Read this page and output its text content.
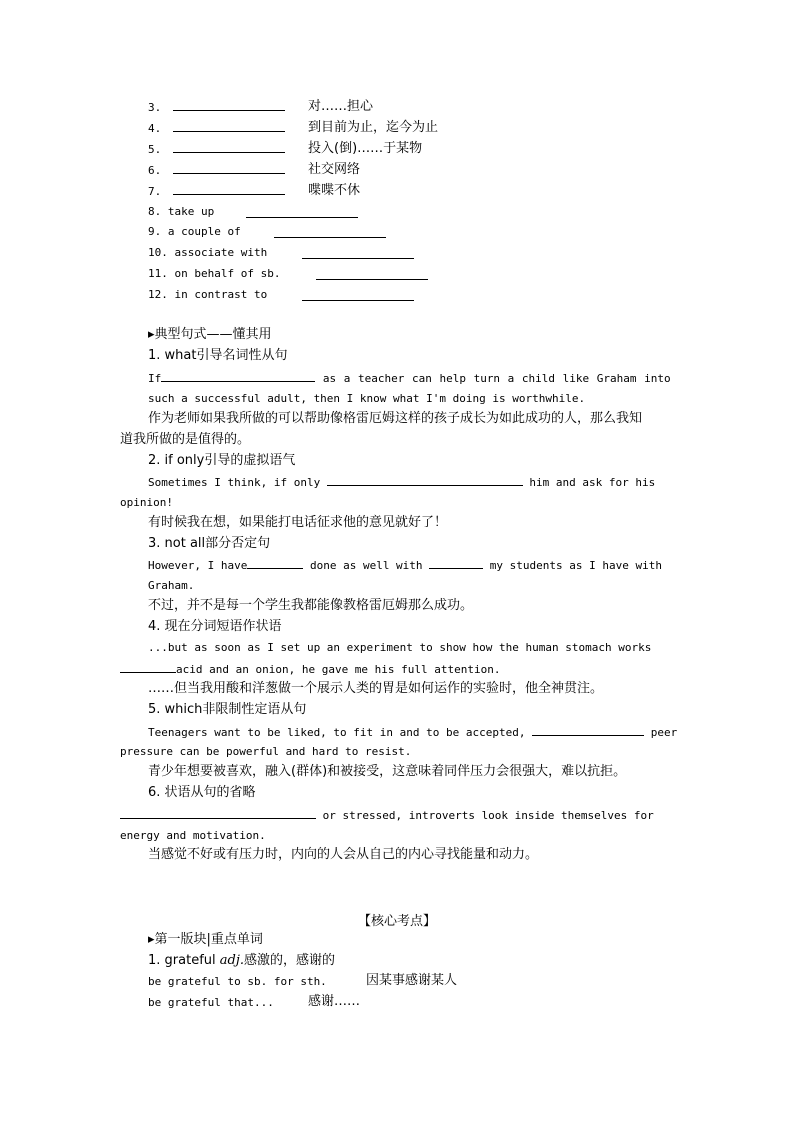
3.	对……担心
4.	到目前为止，迄今为止
5.	投入(倒)……于某物
6.	社交网络
7.	喋喋不休
8. take up
9. a couple of
10. associate with
11. on behalf of sb.
12. in contrast to
▸典型句式——懂其用
1. what引导名词性从句
If	as a teacher can help turn a child like Graham into
such a successful adult, then I know what I'm doing is worthwhile.
作为老师如果我所做的可以帮助像格雷厄姆这样的孩子成长为如此成功的人，那么我知
道我所做的是值得的。
2. if only引导的虚拟语气
Sometimes I think, if only	him and ask for his
opinion!
有时候我在想，如果能打电话征求他的意见就好了！
3. not all部分否定句
However, I have	done as well with	my students as I have with
Graham.
不过，并不是每一个学生我都能像教格雷厄姆那么成功。
4. 现在分词短语作状语
...but as soon as I set up an experiment to show how the human stomach works
acid and an onion, he gave me his full attention.
……但当我用酸和洋葱做一个展示人类的胃是如何运作的实验时，他全神贯注。
5. which非限制性定语从句
Teenagers want to be liked, to fit in and to be accepted,	peer
pressure can be powerful and hard to resist.
青少年想要被喜欢，融入(群体)和被接受，这意味着同伴压力会很强大，难以抗拒。
6. 状语从句的省略
or stressed, introverts look inside themselves for
energy and motivation.
当感觉不好或有压力时，内向的人会从自己的内心寻找能量和动力。
【核心考点】
▸第一版块|重点单词
1. grateful adj.感激的，感谢的
be grateful to sb. for sth.	因某事感谢某人
be grateful that...	感谢……
